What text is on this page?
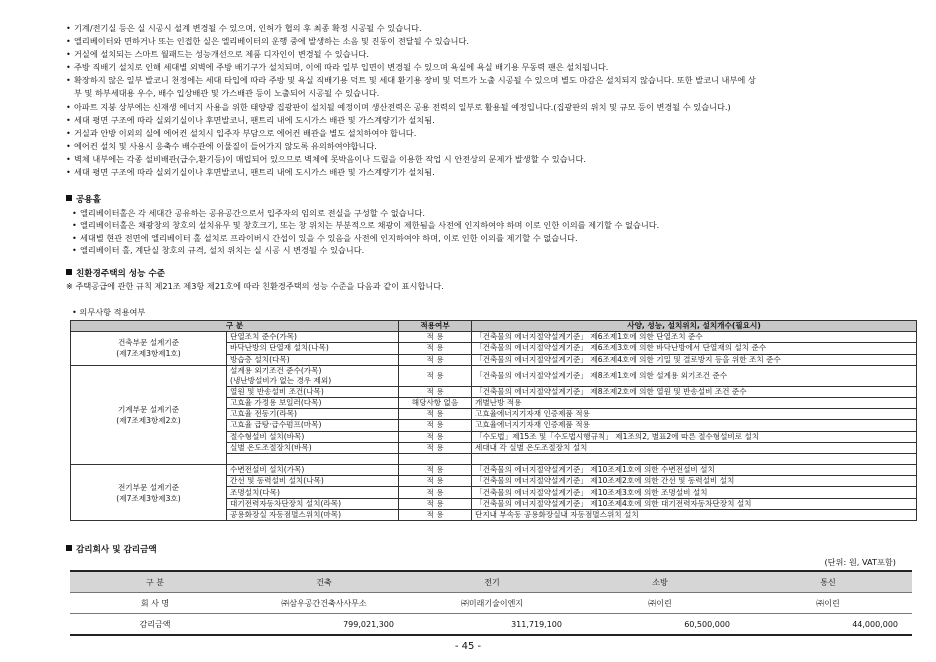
• 기계/전기실 등은 실 시공시 설계 변경될 수 있으며, 인허가 협의 후 최종 확정 시공될 수 있습니다.
• 엘리베이터와 면하거나 또는 인접한 실은 엘리베이터의 운행 중에 발생하는 소음 및 진동이 전달될 수 있습니다.
• 거실에 설치되는 스마트 월패드는 성능개선으로 제품 디자인이 변경될 수 있습니다.
• 주방 직배기 설치로 인해 세대별 외벽에 주방 배기구가 설치되며, 이에 따라 일부 입면이 변경될 수 있으며 욕실에 욕실 배기용 무동력 팬은 설치됩니다.
• 확장하지 않은 일부 발코니 천정에는 세대 타입에 따라 주방 및 욕실 직배기용 덕트 및 세대 환기용 장비 및 덕트가 노출 시공될 수 있으며 별도 마감은 설치되지 않습니다. 또한 발코니 내부에 상
부 및 하부세대용 우수, 배수 입상배관 및 가스배관 등이 노출되어 시공될 수 있습니다.
• 아파트 지붕 상부에는 신재생 에너지 사용을 위한 태양광 집광판이 설치될 예정이며 생산전력은 공용 전력의 일부로 활용될 예정입니다.(집광판의 위치 및 규모 등이 변경될 수 있습니다.)
• 세대 평면 구조에 따라 실외기실이나 후면발코니, 팬트리 내에 도시가스 배관 및 가스계량기가 설치됨.
• 거실과 안방 이외의 실에 에어컨 설치시 입주자 부담으로 에어컨 배관을 별도 설치하여야 합니다.
• 에어컨 설치 및 사용시 응축수 배수관에 이물질이 들어가지 않도록 유의하여야합니다.
• 벽체 내부에는 각종 설비배관(급수,환기등)이 매립되어 있으므로 벽체에 못박음이나 드릴을 이용한 작업 시 안전상의 문제가 발생할 수 있습니다.
• 세대 평면 구조에 따라 실외기실이나 후면발코니, 팬트리 내에 도시가스 배관 및 가스계량기가 설치됨.
공용홀
• 엘리베이터홀은 각 세대간 공유하는 공유공간으로서 입주자의 임의로 전실을 구성할 수 없습니다.
• 엘리베이터홀은 채광창의 창호의 설치유무 및 창호크기, 또는 창 위치는 부분적으로 채광이 제한됨을 사전에 인지하여야 하며 이로 인한 이의를 제기할 수 없습니다.
• 세대별 현관 전면에 엘리베이터 홀 설치로 프라이버시 간섭이 있을 수 있음을 사전에 인지하여야 하며, 이로 인한 이의를 제기할 수 없습니다.
• 엘리베이터 홀, 계단실 창호의 규격, 설치 위치는 실 시공 시 변경될 수 있습니다.
친환경주택의 성능 수준
※ 주택공급에 관한 규칙 제21조 제3항 제21호에 따라 친환경주택의 성능 수준을 다음과 같이 표시합니다.
• 의무사항 적용여부
구 분		적용여부	사양, 성능, 설치위치, 설치개수(필요시)
건축부문 설계기준
(제7조제3항제1호)	단열조치 준수(가목)	적 용	「건축물의 에너지절약설계기준」 제6조제1호에 의한 단열조치 준수
	바닥난방의 단열재 설치(나목)	적 용	「건축물의 에너지절약설계기준」 제6조제3호에 의한 바닥난방에서 단열재의 설치 준수
	방습층 설치(다목)	적 용	「건축물의 에너지절약설계기준」 제6조제4호에 의한 기밀 및 결로방지 등을 위한 조치 준수
기계부문 설계기준
(제7조제3항제2호)	설계용 외기조건 준수(가목)
(냉난방설비가 없는 경우 제외)	적 용	「건축물의 에너지절약설계기준」 제8조제1호에 의한 설계용 외기조건 준수
	열원 및 반송설비 조건(나목)	적 용	「건축물의 에너지절약설계기준」 제8조제2호에 의한 열원 및 반송설비 조건 준수
	고효율 가정용 보일러(다목)	해당사항 없음	개별난방 적용
	고효율 전동기(라목)	적 용	고효율에너지기자재 인증제품 적용
	고효율 급탕·급수펌프(마목)	적 용	고효율에너지기자재 인증제품 적용
	절수형설비 설치(바목)	적 용	「수도법」제15조 및「수도법시행규칙」 제1조의2, 별표2에 따른 절수형설비로 설치
	실별 온도조절장치(바목)	적 용	세대내 각 실별 온도조절장치 설치

전기부문 설계기준
(제7조제3항제3호)	수변전설비 설치(가목)	적 용	「건축물의 에너지절약설계기준」 제10조제1호에 의한 수변전설비 설치
	간선 및 동력설비 설치(나목)	적 용	「건축물의 에너지절약설계기준」 제10조제2호에 의한 간선 및 동력설비 설치
	조명설치(다목)	적 용	「건축물의 에너지절약설계기준」 제10조제3호에 의한 조명설비 설치
	대기전력자동차단장치 설치(라목)	적 용	「건축물의 에너지절약설계기준」 제10조제4호에 의한 대기전력자동차단장치 설치
	공용화장실 자동점멸스위치(마목)	적 용	단지내 부속동 공용화장실내 자동점멸스위치 설치
감리회사 및 감리금액
(단위: 원, VAT포함)
구 분	건축	전기	소방	통신
회 사 명	㈜삼우공간건축사사무소	㈜미래기술이엔지	㈜이린	㈜이린
감리금액	799,021,300	311,719,100	60,500,000	44,000,000
- 45 -
